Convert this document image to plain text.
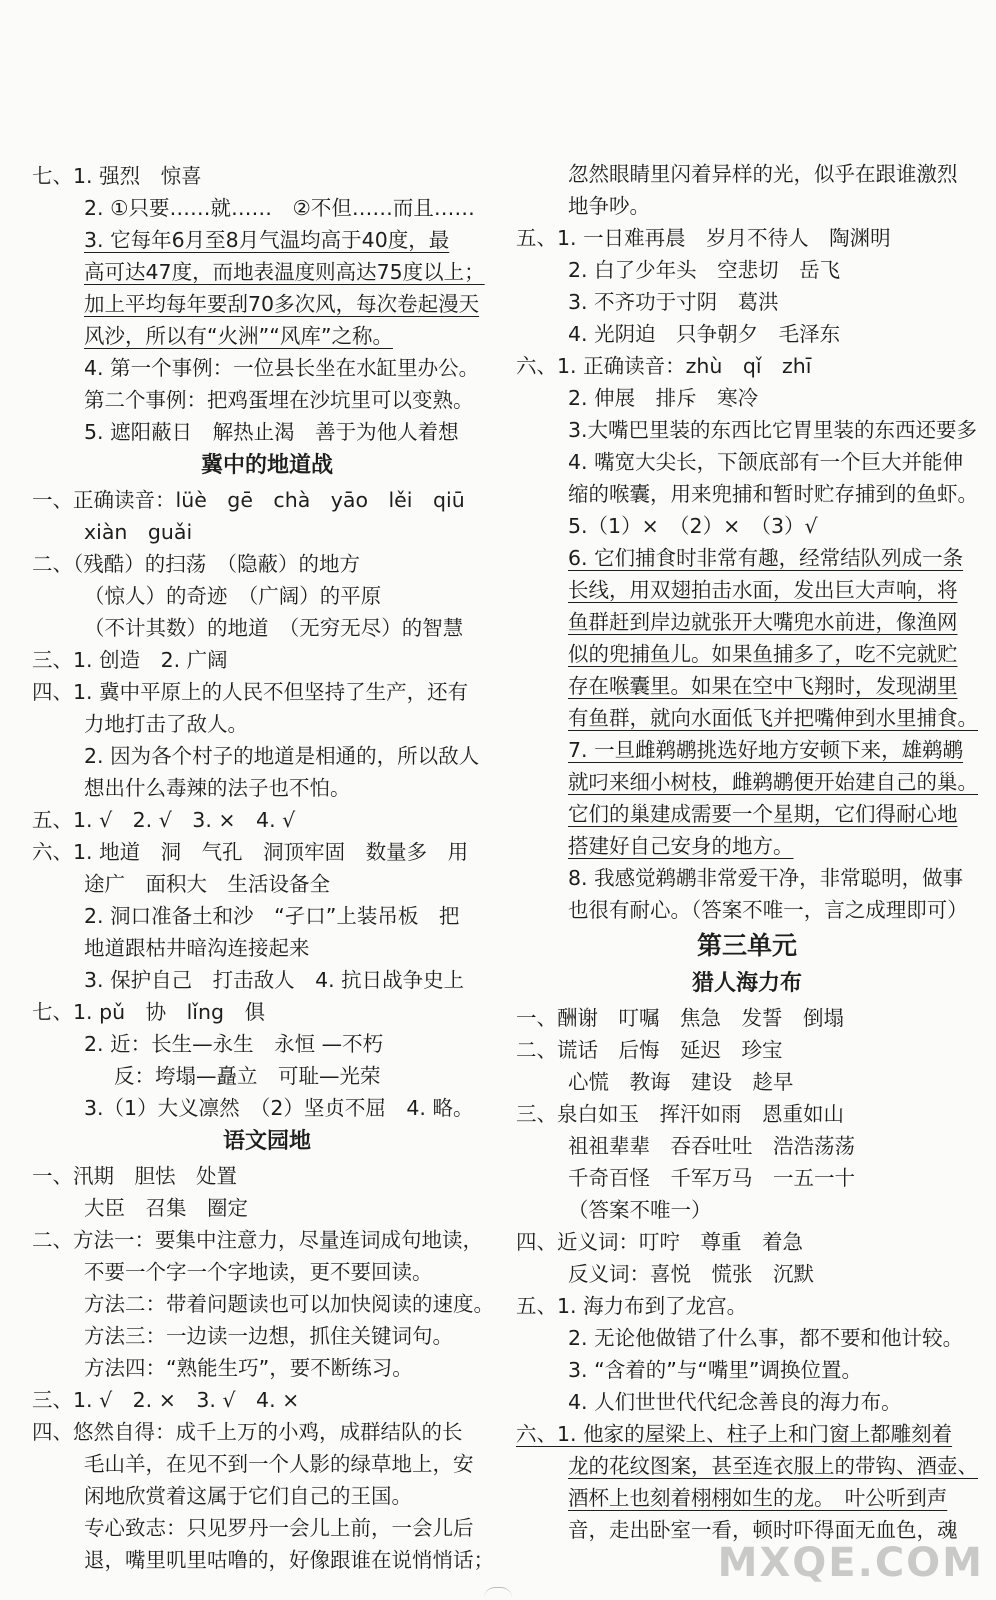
七、1. 强烈　惊喜
2. ①只要……就……　②不但……而且……
3. 它每年6月至8月气温均高于40度，最
高可达47度，而地表温度则高达75度以上；
加上平均每年要刮70多次风，每次卷起漫天
风沙，所以有“火洲”“风库”之称。
4. 第一个事例：一位县长坐在水缸里办公。
第二个事例：把鸡蛋埋在沙坑里可以变熟。
5. 遮阳蔽日　解热止渴　善于为他人着想
冀中的地道战
一、正确读音：lüè　gē　chà　yāo　lěi　qiū
xiàn　guǎi
二、（残酷）的扫荡　（隐蔽）的地方
（惊人）的奇迹　（广阔）的平原
（不计其数）的地道　（无穷无尽）的智慧
三、1. 创造　2. 广阔
四、1. 冀中平原上的人民不但坚持了生产，还有
力地打击了敌人。
2. 因为各个村子的地道是相通的，所以敌人
想出什么毒辣的法子也不怕。
五、1. √　2. √　3. ×　4. √
六、1. 地道　洞　气孔　洞顶牢固　数量多　用
途广　面积大　生活设备全
2. 洞口准备土和沙　“孑口”上装吊板　把
地道跟枯井暗沟连接起来
3. 保护自己　打击敌人　4. 抗日战争史上
七、1. pǔ　协　lǐng　俱
2. 近：长生—永生　永恒 —不朽
反：垮塌—矗立　可耻—光荣
3.（1）大义凛然　（2）坚贞不屈　4. 略。
语文园地
一、汛期　胆怯　处置
大臣　召集　圈定
二、方法一：要集中注意力，尽量连词成句地读，
不要一个字一个字地读，更不要回读。
方法二：带着问题读也可以加快阅读的速度。
方法三：一边读一边想，抓住关键词句。
方法四：“熟能生巧”，要不断练习。
三、1. √　2. ×　3. √　4. ×
四、悠然自得：成千上万的小鸡，成群结队的长
毛山羊，在见不到一个人影的绿草地上，安
闲地欣赏着这属于它们自己的王国。
专心致志：只见罗丹一会儿上前，一会儿后
退，嘴里叽里咕噜的，好像跟谁在说悄悄话；
忽然眼睛里闪着异样的光，似乎在跟谁激烈
地争吵。
五、1. 一日难再晨　岁月不待人　陶渊明
2. 白了少年头　空悲切　岳飞
3. 不齐功于寸阴　葛洪
4. 光阴迫　只争朝夕　毛泽东
六、1. 正确读音：zhù　qǐ　zhī
2. 伸展　排斥　寒冷
3.大嘴巴里装的东西比它胃里装的东西还要多
4. 嘴宽大尖长，下颌底部有一个巨大并能伸
缩的喉囊，用来兜捕和暂时贮存捕到的鱼虾。
5.（1）×　（2）×　（3）√
6. 它们捕食时非常有趣，经常结队列成一条
长线，用双翅拍击水面，发出巨大声响，将
鱼群赶到岸边就张开大嘴兜水前进，像渔网
似的兜捕鱼儿。如果鱼捕多了，吃不完就贮
存在喉囊里。如果在空中飞翔时，发现湖里
有鱼群，就向水面低飞并把嘴伸到水里捕食。
7. 一旦雌鹈鹕挑选好地方安顿下来，雄鹈鹕
就叼来细小树枝，雌鹈鹕便开始建自己的巢。
它们的巢建成需要一个星期，它们得耐心地
搭建好自己安身的地方。
8. 我感觉鹈鹕非常爱干净，非常聪明，做事
也很有耐心。（答案不唯一，言之成理即可）
第三单元
猎人海力布
一、酬谢　叮嘱　焦急　发誓　倒塌
二、谎话　后悔　延迟　珍宝
心慌　教诲　建设　趁早
三、泉白如玉　挥汗如雨　恩重如山
祖祖辈辈　吞吞吐吐　浩浩荡荡
千奇百怪　千军万马　一五一十
（答案不唯一）
四、近义词：叮咛　尊重　着急
反义词：喜悦　慌张　沉默
五、1. 海力布到了龙宫。
2. 无论他做错了什么事，都不要和他计较。
3. “含着的”与“嘴里”调换位置。
4. 人们世世代代纪念善良的海力布。
六、1. 他家的屋梁上、柱子上和门窗上都雕刻着
龙的花纹图案，甚至连衣服上的带钩、酒壶、
酒杯上也刻着栩栩如生的龙。　叶公听到声
音，走出卧室一看，顿时吓得面无血色，魂
MXQE.COM
